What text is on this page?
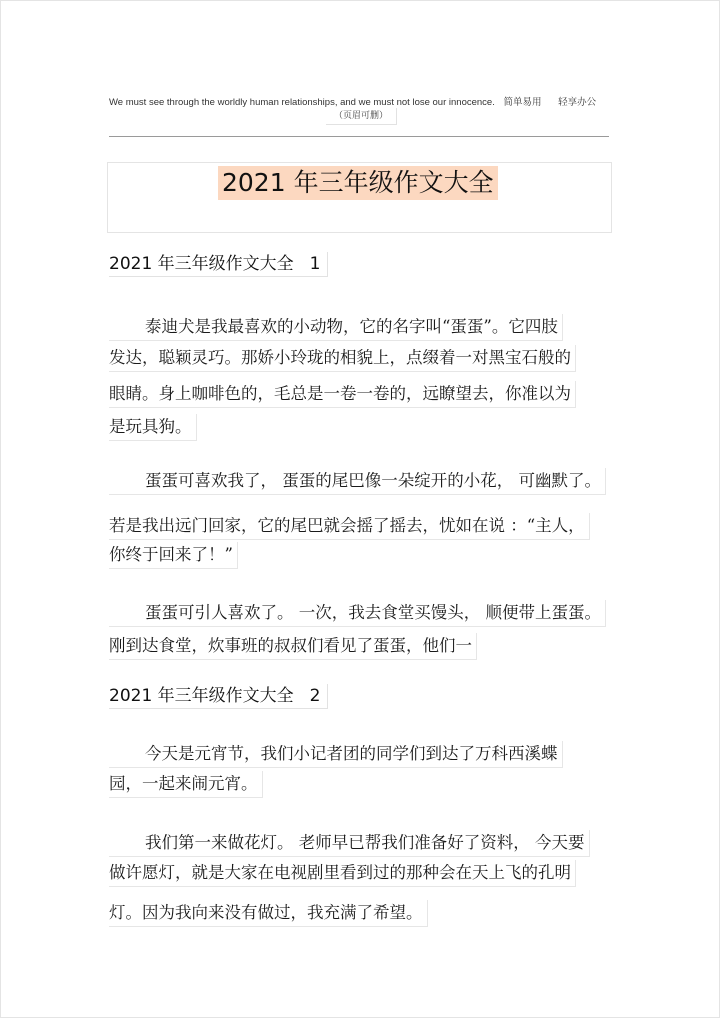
We must see through the worldly human relationships, and we must not lose our innocence. 简单易用 轻享办公
（页眉可删）
2021 年三年级作文大全
2021 年三年级作文大全 1
泰迪犬是我最喜欢的小动物，它的名字叫“蛋蛋”。它四肢
发达，聪颖灵巧。那娇小玲珑的相貌上，点缀着一对黑宝石般的
眼睛。身上咖啡色的，毛总是一卷一卷的，远瞭望去，你准以为
是玩具狗。
蛋蛋可喜欢我了， 蛋蛋的尾巴像一朵绽开的小花， 可幽默了。
若是我出远门回家，它的尾巴就会摇了摇去，忧如在说 ：“主人，
你终于回来了！”
蛋蛋可引人喜欢了。 一次，我去食堂买馒头， 顺便带上蛋蛋。
刚到达食堂，炊事班的叔叔们看见了蛋蛋，他们一
2021 年三年级作文大全 2
今天是元宵节，我们小记者团的同学们到达了万科西溪蝶
园，一起来闹元宵。
我们第一来做花灯。 老师早已帮我们准备好了资料， 今天要
做许愿灯，就是大家在电视剧里看到过的那种会在天上飞的孔明
灯。因为我向来没有做过，我充满了希望。
